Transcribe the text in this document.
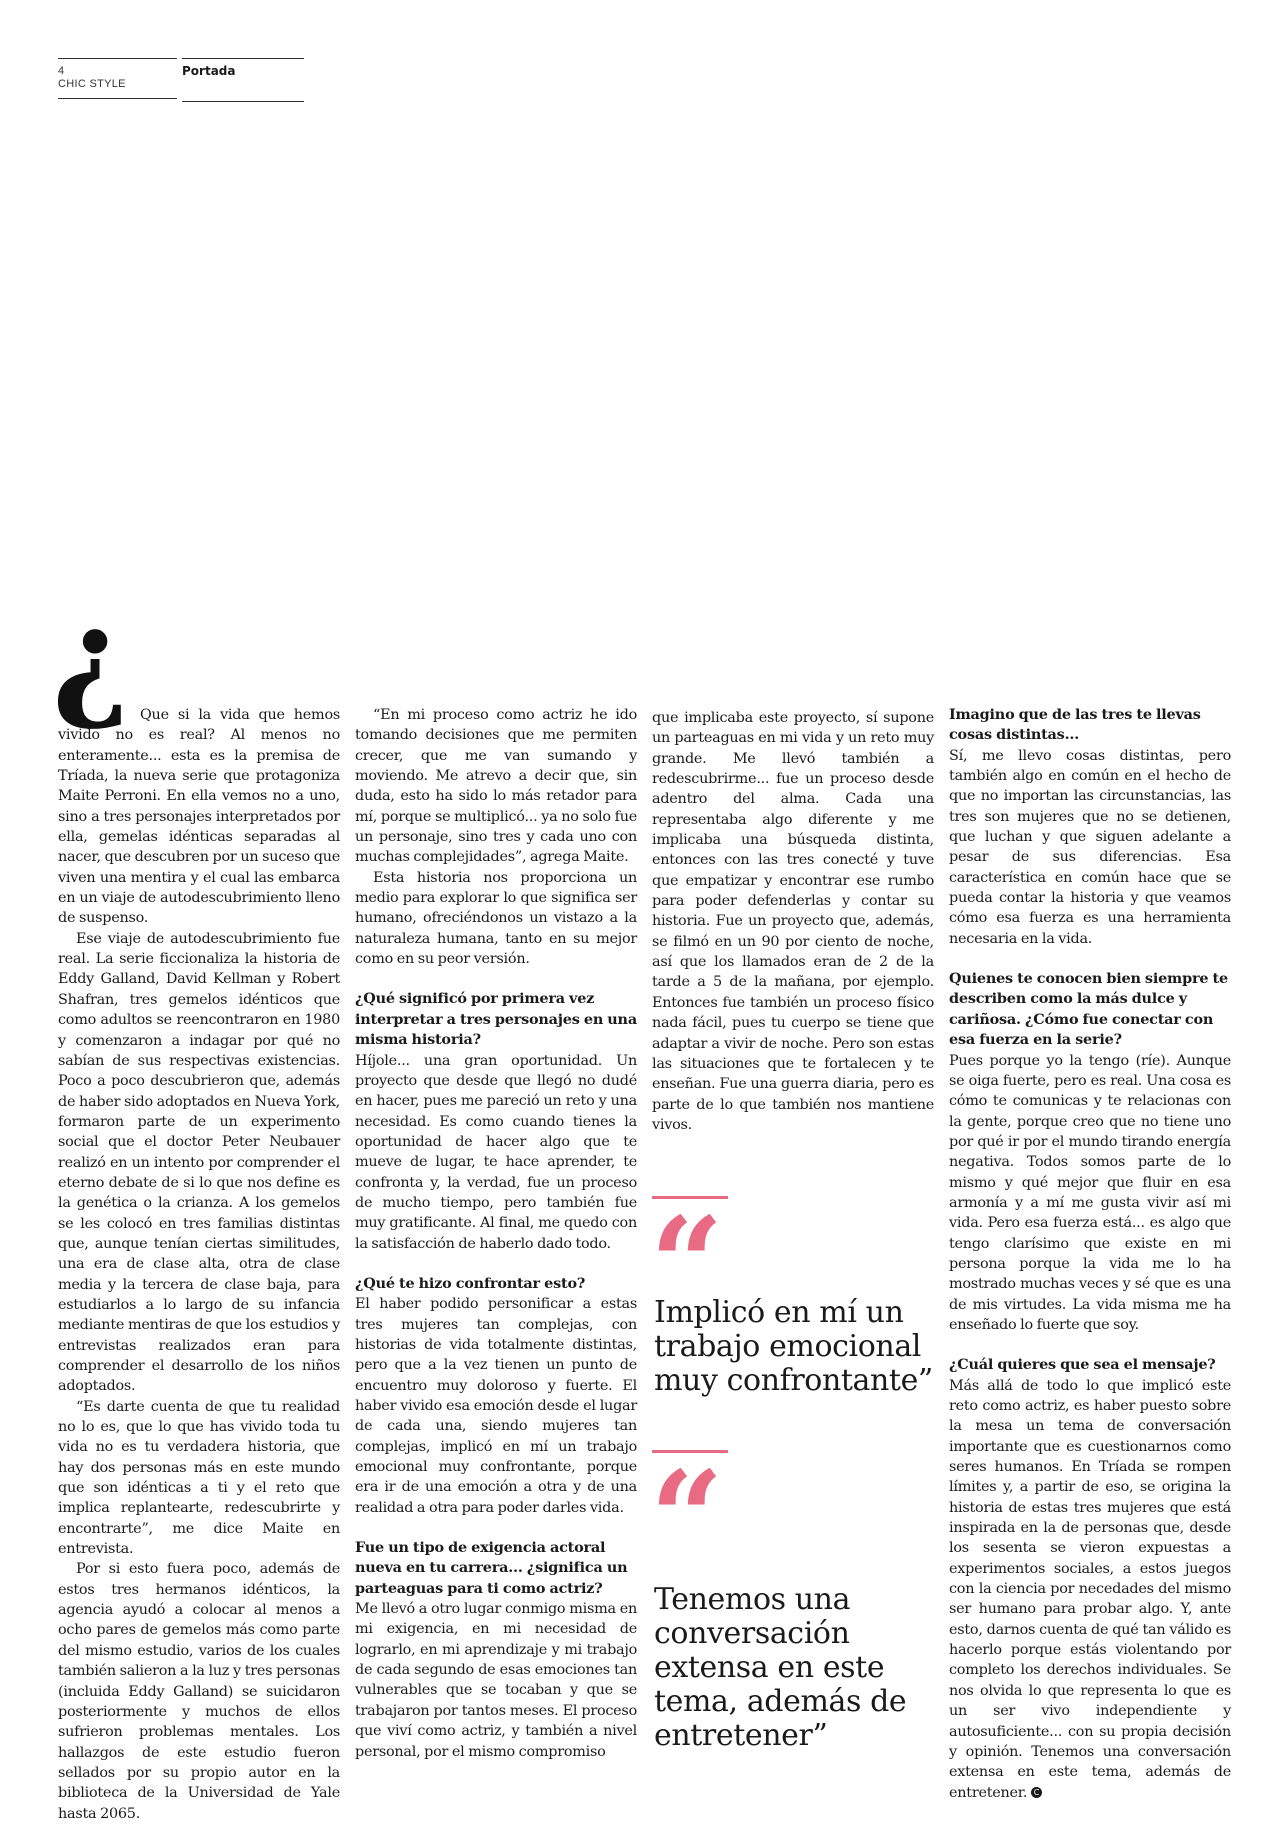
4
CHIC STYLE
Portada
¿ Que si la vida que hemos vivido no es real? Al menos no enteramente... esta es la premisa de Tríada, la nueva serie que protagoniza Maite Perroni. En ella vemos no a uno, sino a tres personajes interpretados por ella, gemelas idénticas separadas al nacer, que descubren por un suceso que viven una mentira y el cual las embarca en un viaje de autodescubrimiento lleno de suspenso.

Ese viaje de autodescubrimiento fue real. La serie ficcionaliza la historia de Eddy Galland, David Kellman y Robert Shafran, tres gemelos idénticos que como adultos se reencontraron en 1980 y comenzaron a indagar por qué no sabían de sus respectivas existencias. Poco a poco descubrieron que, además de haber sido adoptados en Nueva York, formaron parte de un experimento social que el doctor Peter Neubauer realizó en un intento por comprender el eterno debate de si lo que nos define es la genética o la crianza. A los gemelos se les colocó en tres familias distintas que, aunque tenían ciertas similitudes, una era de clase alta, otra de clase media y la tercera de clase baja, para estudiarlos a lo largo de su infancia mediante mentiras de que los estudios y entrevistas realizados eran para comprender el desarrollo de los niños adoptados.

“Es darte cuenta de que tu realidad no lo es, que lo que has vivido toda tu vida no es tu verdadera historia, que hay dos personas más en este mundo que son idénticas a ti y el reto que implica replantearte, redescubrirte y encontrarte”, me dice Maite en entrevista.

Por si esto fuera poco, además de estos tres hermanos idénticos, la agencia ayudó a colocar al menos a ocho pares de gemelos más como parte del mismo estudio, varios de los cuales también salieron a la luz y tres personas (incluida Eddy Galland) se suicidaron posteriormente y muchos de ellos sufrieron problemas mentales. Los hallazgos de este estudio fueron sellados por su propio autor en la biblioteca de la Universidad de Yale hasta 2065.

“En mi proceso como actriz he ido tomando decisiones que me permiten crecer, que me van sumando y moviendo. Me atrevo a decir que, sin duda, esto ha sido lo más retador para mí, porque se multiplicó... ya no solo fue un personaje, sino tres y cada uno con muchas complejidades”, agrega Maite.

Esta historia nos proporciona un medio para explorar lo que significa ser humano, ofreciéndonos un vistazo a la naturaleza humana, tanto en su mejor como en su peor versión.

¿Qué significó por primera vez interpretar a tres personajes en una misma historia?

Híjole... una gran oportunidad. Un proyecto que desde que llegó no dudé en hacer, pues me pareció un reto y una necesidad. Es como cuando tienes la oportunidad de hacer algo que te mueve de lugar, te hace aprender, te confronta y, la verdad, fue un proceso de mucho tiempo, pero también fue muy gratificante. Al final, me quedo con la satisfacción de haberlo dado todo.

¿Qué te hizo confrontar esto?

El haber podido personificar a estas tres mujeres tan complejas, con historias de vida totalmente distintas, pero que a la vez tienen un punto de encuentro muy doloroso y fuerte. El haber vivido esa emoción desde el lugar de cada una, siendo mujeres tan complejas, implicó en mí un trabajo emocional muy confrontante, porque era ir de una emoción a otra y de una realidad a otra para poder darles vida.

Fue un tipo de exigencia actoral nueva en tu carrera... ¿significa un parteaguas para ti como actriz?

Me llevó a otro lugar conmigo misma en mi exigencia, en mi necesidad de lograrlo, en mi aprendizaje y mi trabajo de cada segundo de esas emociones tan vulnerables que se tocaban y que se trabajaron por tantos meses. El proceso que viví como actriz, y también a nivel personal, por el mismo compromiso

que implicaba este proyecto, sí supone un parteaguas en mi vida y un reto muy grande. Me llevó también a redescubrirme... fue un proceso desde adentro del alma. Cada una representaba algo diferente y me implicaba una búsqueda distinta, entonces con las tres conecté y tuve que empatizar y encontrar ese rumbo para poder defenderlas y contar su historia. Fue un proyecto que, además, se filmó en un 90 por ciento de noche, así que los llamados eran de 2 de la tarde a 5 de la mañana, por ejemplo. Entonces fue también un proceso físico nada fácil, pues tu cuerpo se tiene que adaptar a vivir de noche. Pero son estas las situaciones que te fortalecen y te enseñan. Fue una guerra diaria, pero es parte de lo que también nos mantiene vivos.

“
Implicó en mí un trabajo emocional muy confrontante”
“
Tenemos una conversación extensa en este tema, además de entretener”

Imagino que de las tres te llevas cosas distintas...

Sí, me llevo cosas distintas, pero también algo en común en el hecho de que no importan las circunstancias, las tres son mujeres que no se detienen, que luchan y que siguen adelante a pesar de sus diferencias. Esa característica en común hace que se pueda contar la historia y que veamos cómo esa fuerza es una herramienta necesaria en la vida.

Quienes te conocen bien siempre te describen como la más dulce y cariñosa. ¿Cómo fue conectar con esa fuerza en la serie?

Pues porque yo la tengo (ríe). Aunque se oiga fuerte, pero es real. Una cosa es cómo te comunicas y te relacionas con la gente, porque creo que no tiene uno por qué ir por el mundo tirando energía negativa. Todos somos parte de lo mismo y qué mejor que fluir en esa armonía y a mí me gusta vivir así mi vida. Pero esa fuerza está... es algo que tengo clarísimo que existe en mi persona porque la vida me lo ha mostrado muchas veces y sé que es una de mis virtudes. La vida misma me ha enseñado lo fuerte que soy.

¿Cuál quieres que sea el mensaje?

Más allá de todo lo que implicó este reto como actriz, es haber puesto sobre la mesa un tema de conversación importante que es cuestionarnos como seres humanos. En Tríada se rompen límites y, a partir de eso, se origina la historia de estas tres mujeres que está inspirada en la de personas que, desde los sesenta se vieron expuestas a experimentos sociales, a estos juegos con la ciencia por necedades del mismo ser humano para probar algo. Y, ante esto, darnos cuenta de qué tan válido es hacerlo porque estás violentando por completo los derechos individuales. Se nos olvida lo que representa lo que es un ser vivo independiente y autosuficiente... con su propia decisión y opinión. Tenemos una conversación extensa en este tema, además de entretener. C
